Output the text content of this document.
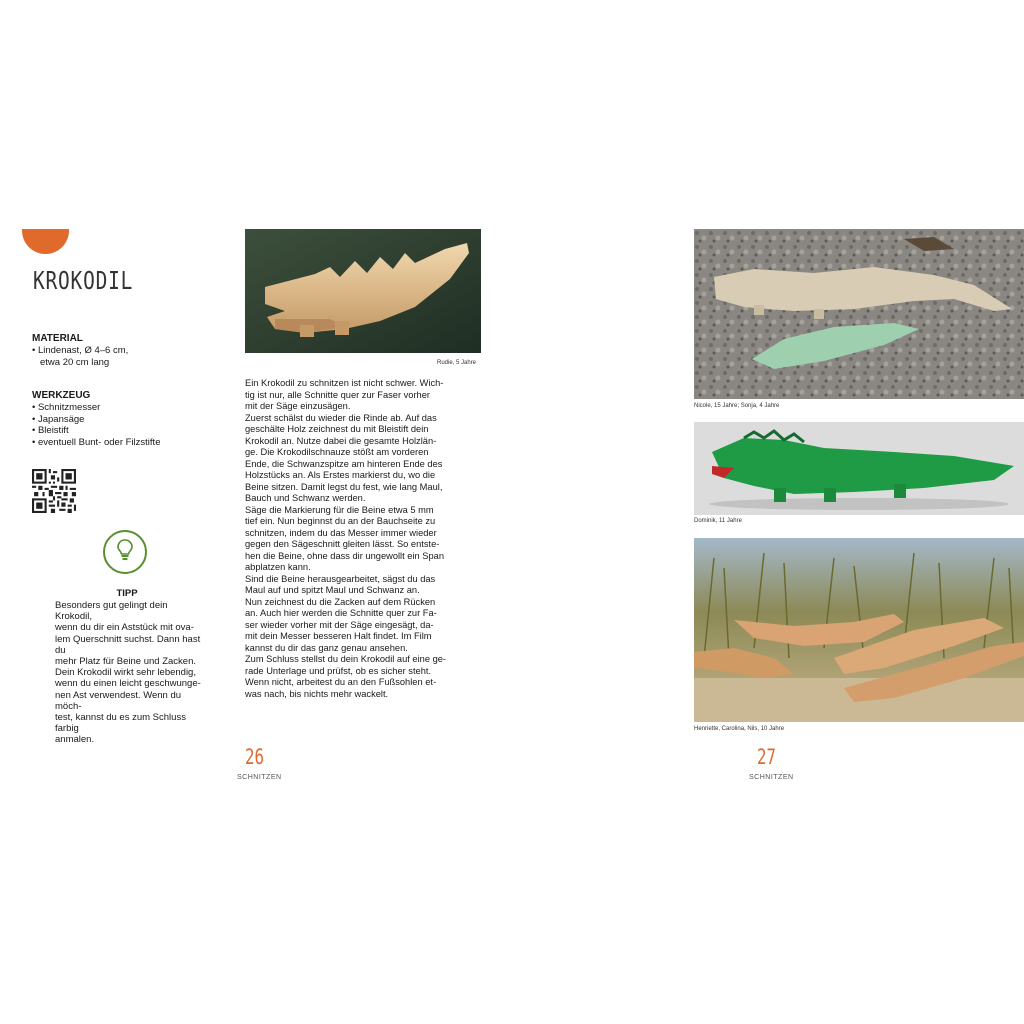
KROKODIL
MATERIAL
• Lindenast, Ø 4–6 cm,
etwa 20 cm lang
WERKZEUG
• Schnitzmesser
• Japansäge
• Bleistift
• eventuell Bunt- oder Filzstifte
TIPP
Besonders gut gelingt dein Krokodil,
wenn du dir ein Aststück mit ova-
lem Querschnitt suchst. Dann hast du
mehr Platz für Beine und Zacken.
Dein Krokodil wirkt sehr lebendig,
wenn du einen leicht geschwunge-
nen Ast verwendest. Wenn du möch-
test, kannst du es zum Schluss farbig
anmalen.
Rudie, 5 Jahre
Ein Krokodil zu schnitzen ist nicht schwer. Wich-
tig ist nur, alle Schnitte quer zur Faser vorher
mit der Säge einzusägen.
Zuerst schälst du wieder die Rinde ab. Auf das
geschälte Holz zeichnest du mit Bleistift dein
Krokodil an. Nutze dabei die gesamte Holzlän-
ge. Die Krokodilschnauze stößt am vorderen
Ende, die Schwanzspitze am hinteren Ende des
Holzstücks an. Als Erstes markierst du, wo die
Beine sitzen. Damit legst du fest, wie lang Maul,
Bauch und Schwanz werden.
Säge die Markierung für die Beine etwa 5 mm
tief ein. Nun beginnst du an der Bauchseite zu
schnitzen, indem du das Messer immer wieder
gegen den Sägeschnitt gleiten lässt. So entste-
hen die Beine, ohne dass dir ungewollt ein Span
abplatzen kann.
Sind die Beine herausgearbeitet, sägst du das
Maul auf und spitzt Maul und Schwanz an.
Nun zeichnest du die Zacken auf dem Rücken
an. Auch hier werden die Schnitte quer zur Fa-
ser wieder vorher mit der Säge eingesägt, da-
mit dein Messer besseren Halt findet. Im Film
kannst du dir das ganz genau ansehen.
Zum Schluss stellst du dein Krokodil auf eine ge-
rade Unterlage und prüfst, ob es sicher steht.
Wenn nicht, arbeitest du an den Fußsohlen et-
was nach, bis nichts mehr wackelt.
26
SCHNITZEN
Nicole, 15 Jahre; Sonja, 4 Jahre
Dominik, 11 Jahre
Henriette, Carolina, Nils, 10 Jahre
27
SCHNITZEN
